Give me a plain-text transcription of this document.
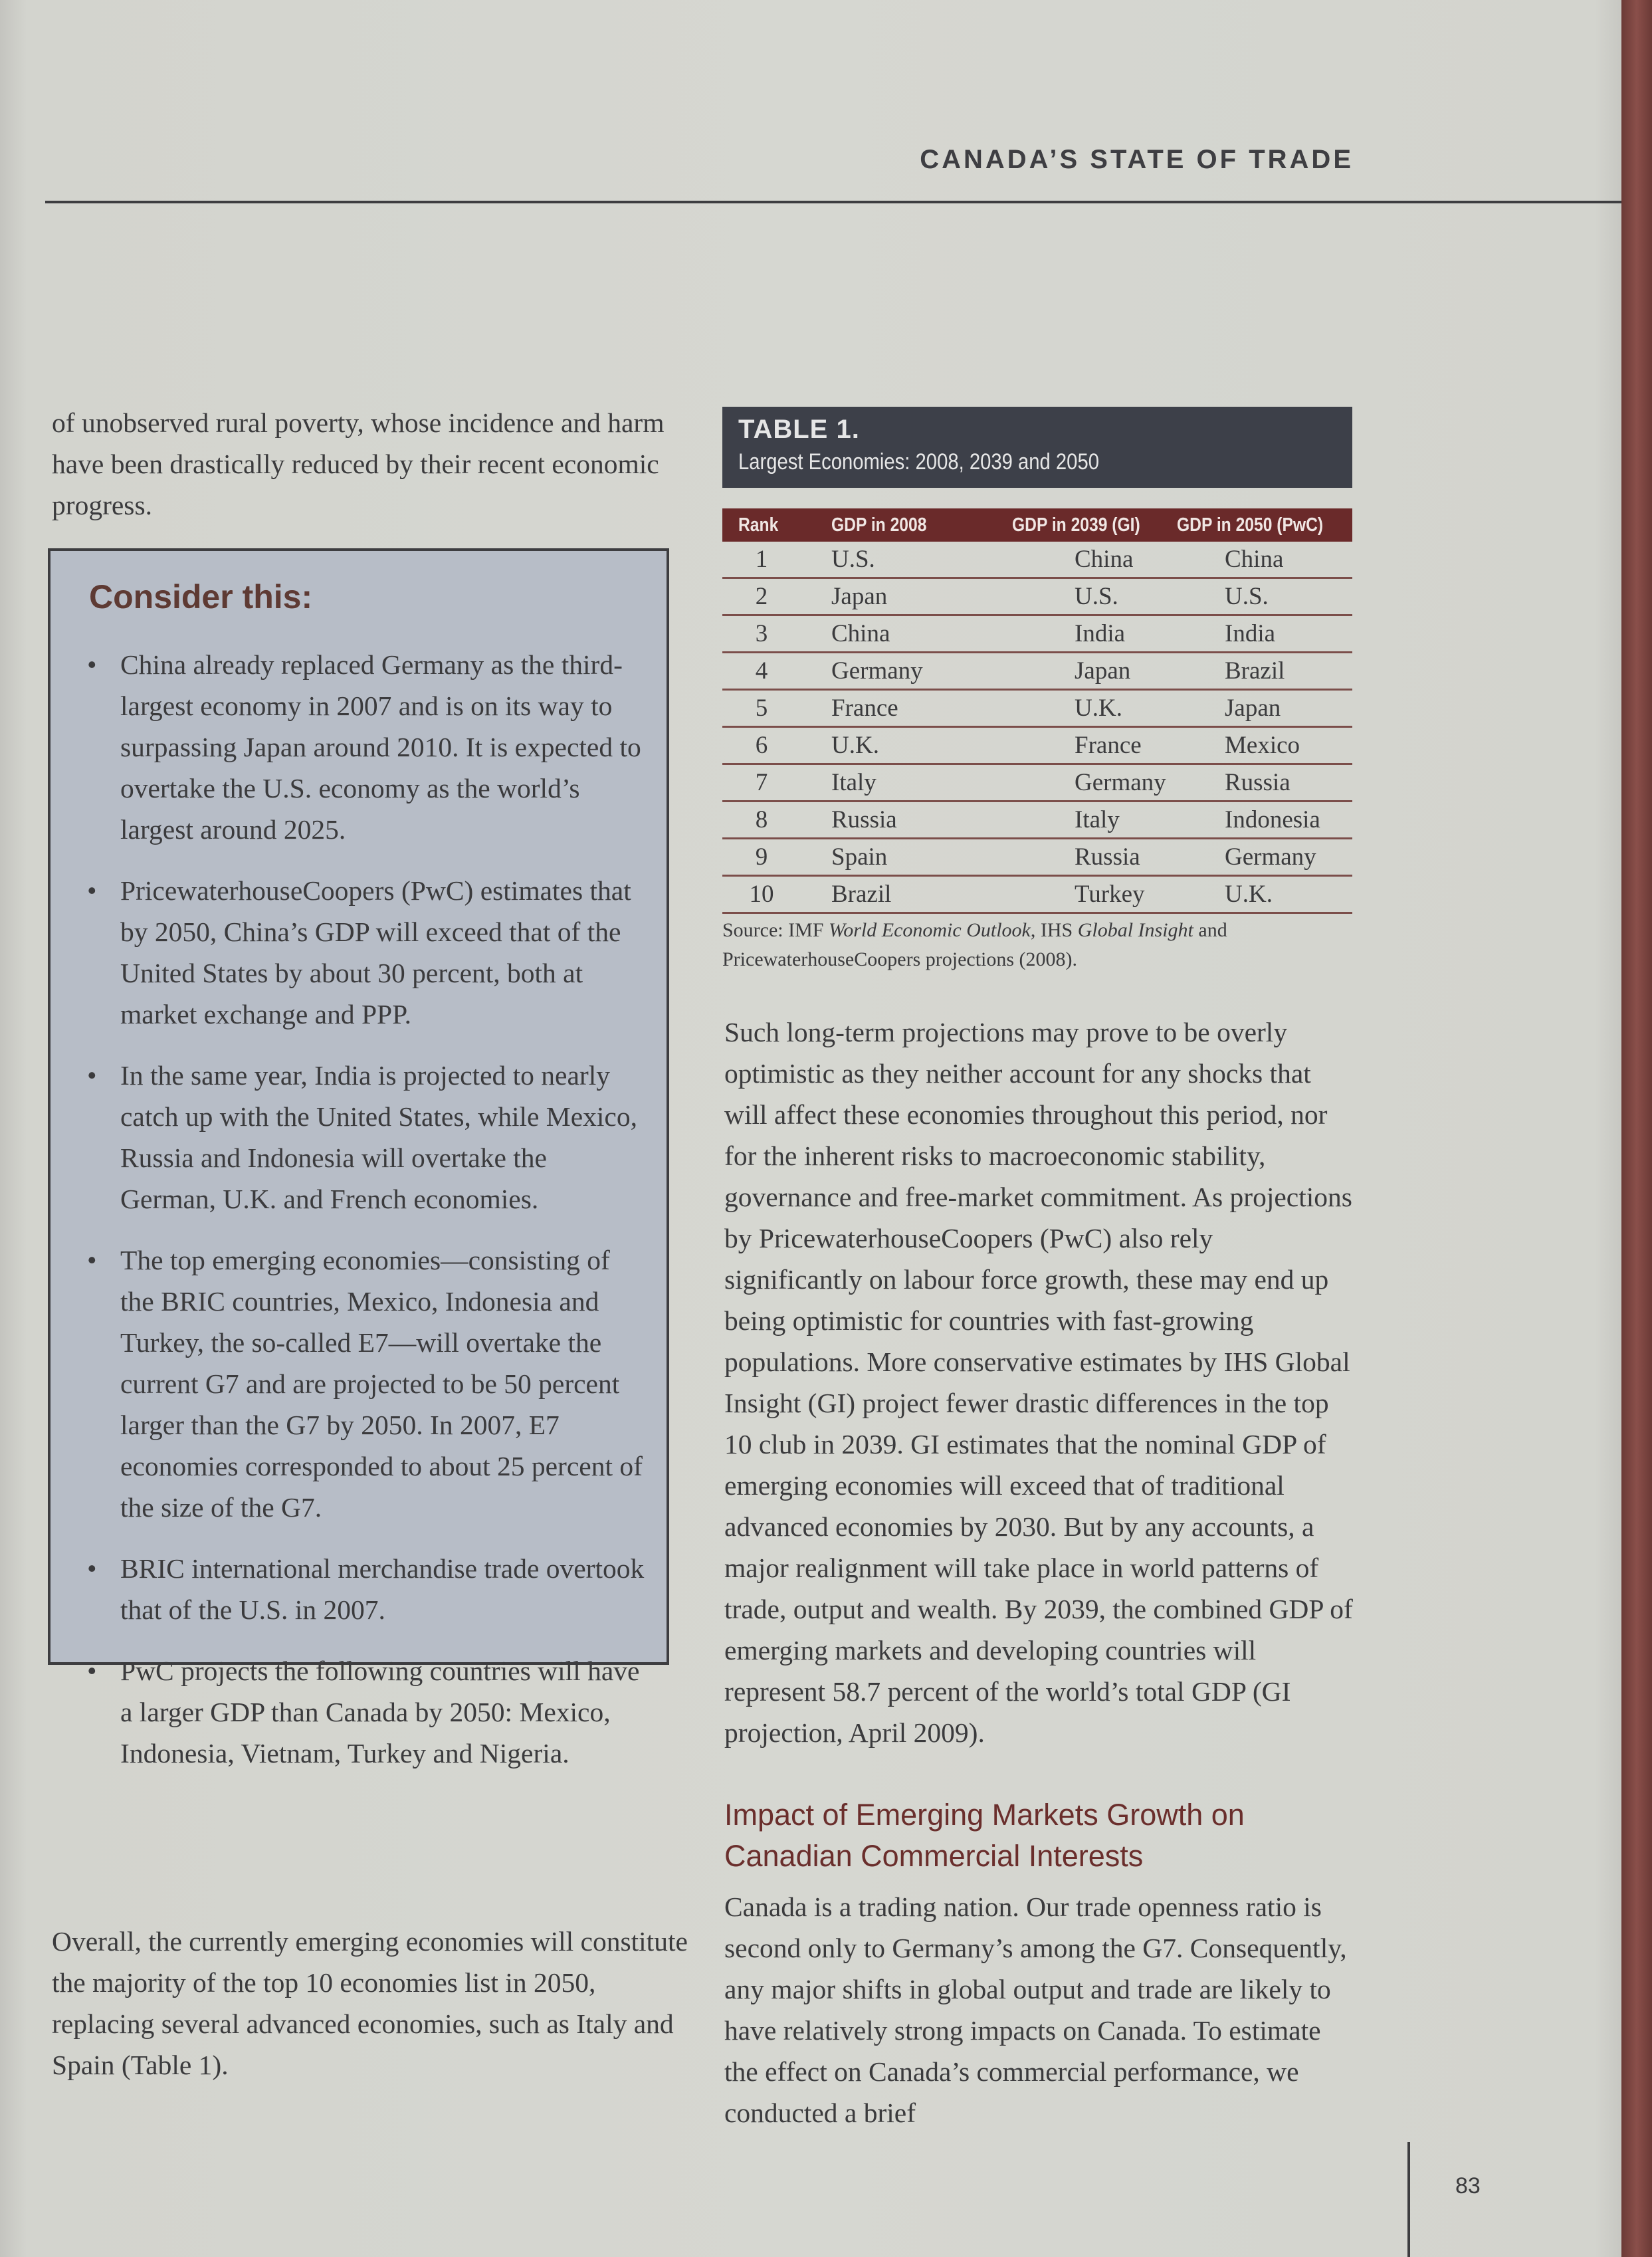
CANADA’S STATE OF TRADE

of unobserved rural poverty, whose incidence and harm have been drastically reduced by their recent economic progress.

Consider this:
• China already replaced Germany as the third-largest economy in 2007 and is on its way to surpassing Japan around 2010. It is expected to overtake the U.S. economy as the world’s largest around 2025.
• PricewaterhouseCoopers (PwC) estimates that by 2050, China’s GDP will exceed that of the United States by about 30 percent, both at market exchange and PPP.
• In the same year, India is projected to nearly catch up with the United States, while Mexico, Russia and Indonesia will overtake the German, U.K. and French economies.
• The top emerging economies—consisting of the BRIC countries, Mexico, Indonesia and Turkey, the so-called E7—will overtake the current G7 and are projected to be 50 percent larger than the G7 by 2050. In 2007, E7 economies corresponded to about 25 percent of the size of the G7.
• BRIC international merchandise trade overtook that of the U.S. in 2007.
• PwC projects the following countries will have a larger GDP than Canada by 2050: Mexico, Indonesia, Vietnam, Turkey and Nigeria.

Overall, the currently emerging economies will constitute the majority of the top 10 economies list in 2050, replacing several advanced economies, such as Italy and Spain (Table 1).

TABLE 1.
Largest Economies: 2008, 2039 and 2050
Rank	GDP in 2008	GDP in 2039 (GI)	GDP in 2050 (PwC)
1	U.S.	China	China
2	Japan	U.S.	U.S.
3	China	India	India
4	Germany	Japan	Brazil
5	France	U.K.	Japan
6	U.K.	France	Mexico
7	Italy	Germany	Russia
8	Russia	Italy	Indonesia
9	Spain	Russia	Germany
10	Brazil	Turkey	U.K.
Source: IMF World Economic Outlook, IHS Global Insight and PricewaterhouseCoopers projections (2008).

Such long-term projections may prove to be overly optimistic as they neither account for any shocks that will affect these economies throughout this period, nor for the inherent risks to macroeconomic stability, governance and free-market commitment. As projections by PricewaterhouseCoopers (PwC) also rely significantly on labour force growth, these may end up being optimistic for countries with fast-growing populations. More conservative estimates by IHS Global Insight (GI) project fewer drastic differences in the top 10 club in 2039. GI estimates that the nominal GDP of emerging economies will exceed that of traditional advanced economies by 2030. But by any accounts, a major realignment will take place in world patterns of trade, output and wealth. By 2039, the combined GDP of emerging markets and developing countries will represent 58.7 percent of the world’s total GDP (GI projection, April 2009).

Impact of Emerging Markets Growth on Canadian Commercial Interests

Canada is a trading nation. Our trade openness ratio is second only to Germany’s among the G7. Consequently, any major shifts in global output and trade are likely to have relatively strong impacts on Canada. To estimate the effect on Canada’s commercial performance, we conducted a brief

83
